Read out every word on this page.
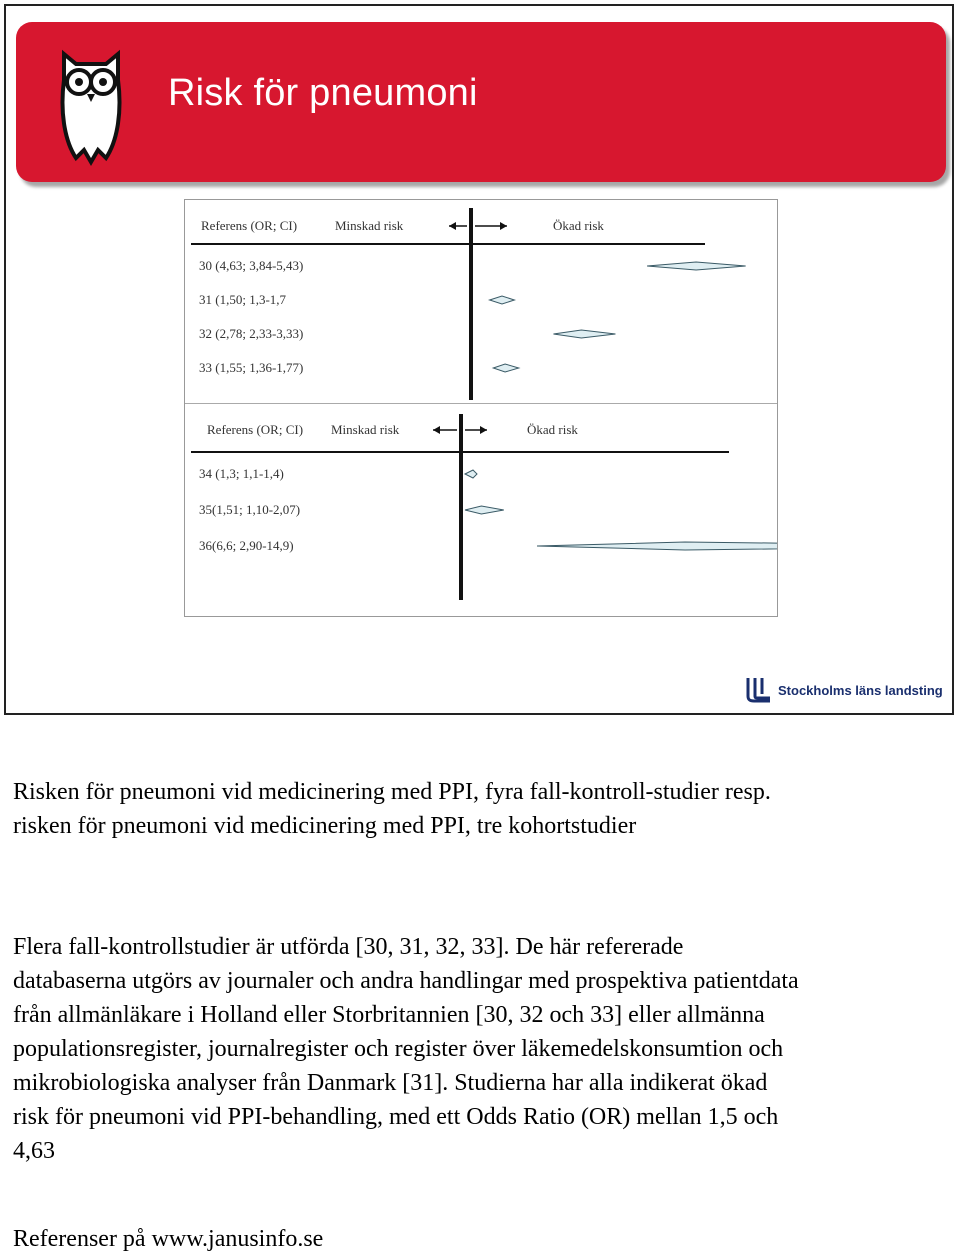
Risk för pneumoni
Referens (OR; CI)	Minskad risk	Ökad risk
30 (4,63; 3,84-5,43)
31 (1,50; 1,3-1,7
32 (2,78; 2,33-3,33)
33 (1,55; 1,36-1,77)
Referens (OR; CI) Minskad risk	Ökad risk
34 (1,3; 1,1-1,4)
35(1,51; 1,10-2,07)
36(6,6; 2,90-14,9)
Stockholms läns landsting

Risken för pneumoni vid medicinering med PPI, fyra fall-kontroll-studier resp.
risken för pneumoni vid medicinering med PPI, tre kohortstudier

Flera fall-kontrollstudier är utförda [30, 31, 32, 33]. De här refererade
databaserna utgörs av journaler och andra handlingar med prospektiva patientdata
från allmänläkare i Holland eller Storbritannien [30, 32 och 33] eller allmänna
populationsregister, journalregister och register över läkemedelskonsumtion och
mikrobiologiska analyser från Danmark [31]. Studierna har alla indikerat ökad
risk för pneumoni vid PPI-behandling, med ett Odds Ratio (OR) mellan 1,5 och
4,63

Referenser på www.janusinfo.se
